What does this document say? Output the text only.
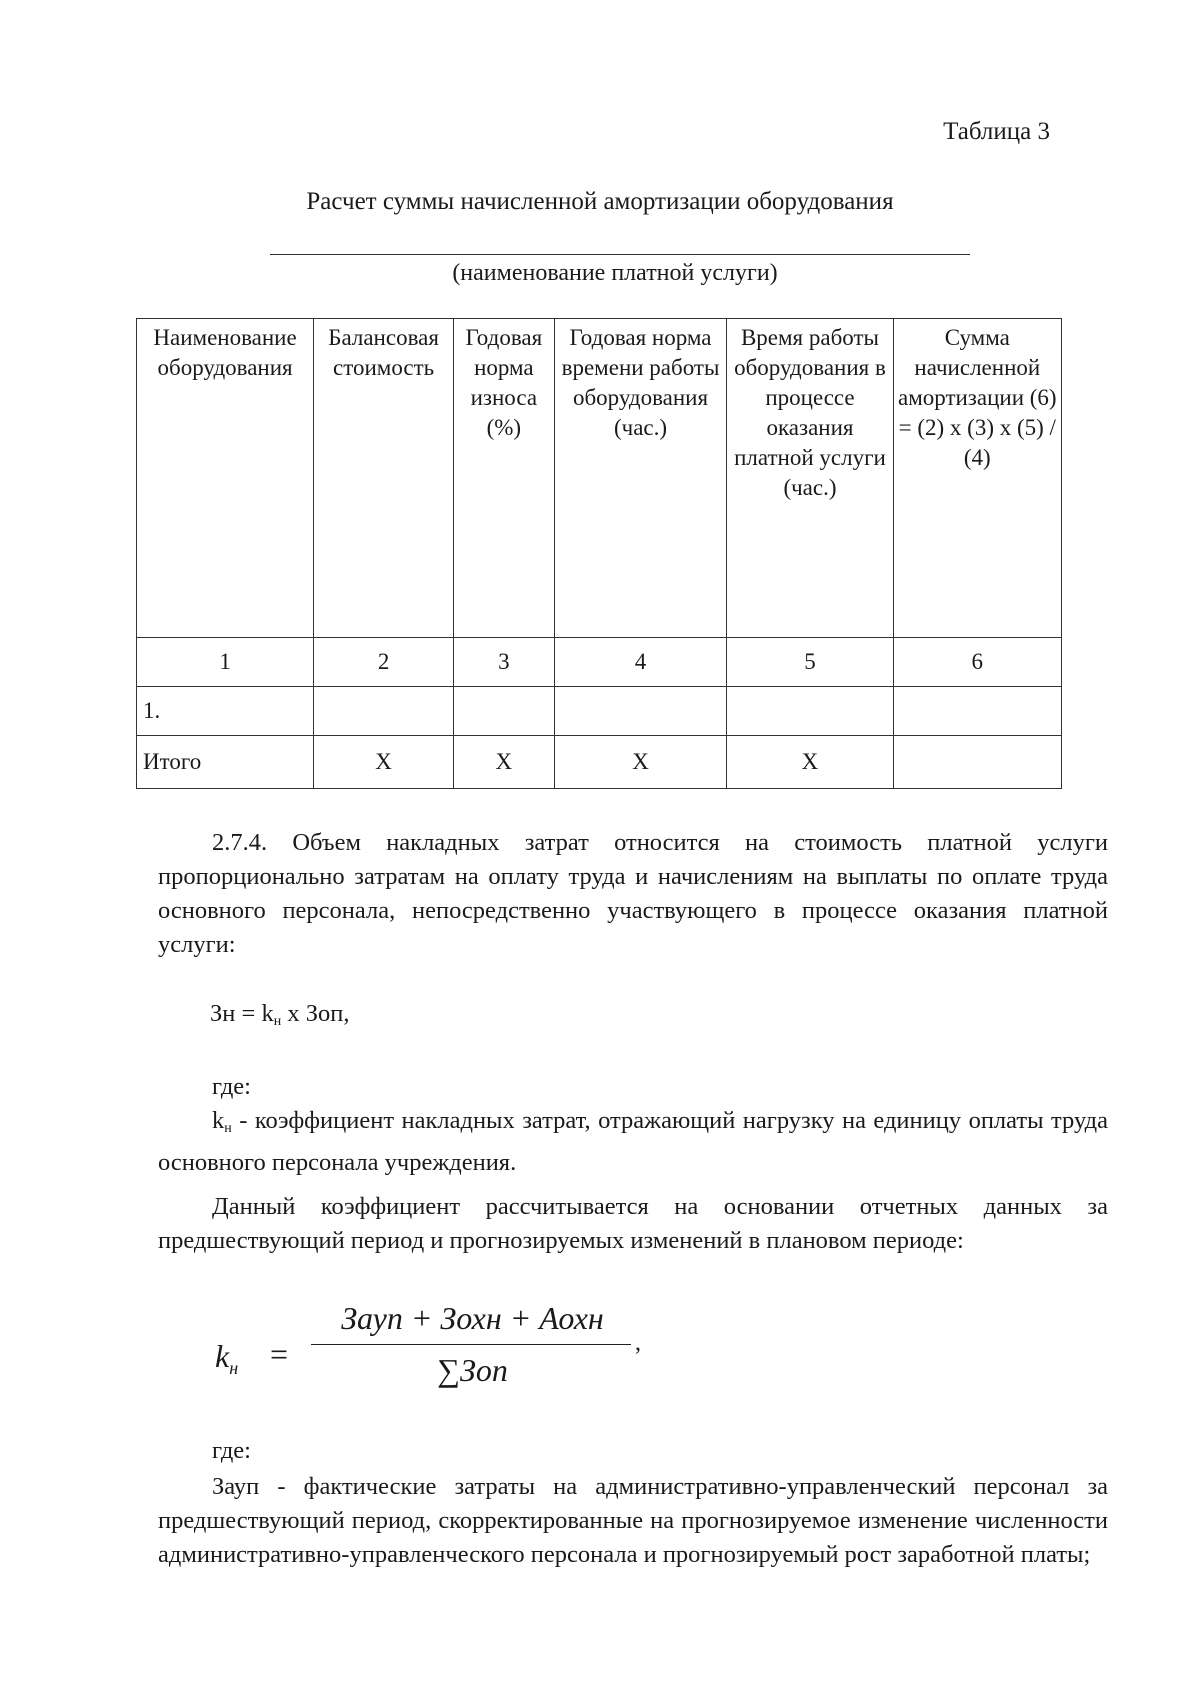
Таблица 3
Расчет суммы начисленной амортизации оборудования
(наименование платной услуги)
Наименование оборудования	Балансовая стоимость	Годовая норма износа (%)	Годовая норма времени работы оборудования (час.)	Время работы оборудования в процессе оказания платной услуги (час.)	Сумма начисленной амортизации (6) = (2) х (3) х (5) / (4)
1	2	3	4	5	6
1.					
Итого	Х	Х	Х	Х	
2.7.4. Объем накладных затрат относится на стоимость платной услуги пропорционально затратам на оплату труда и начислениям на выплаты по оплате труда основного персонала, непосредственно участвующего в процессе оказания платной услуги:
Зн = $k_н$ х Зоп,
где:
$k_н$ - коэффициент накладных затрат, отражающий нагрузку на единицу оплаты труда основного персонала учреждения.
Данный коэффициент рассчитывается на основании отчетных данных за предшествующий период и прогнозируемых изменений в плановом периоде:
$k_н$ =
Зауп + Зохн + Аохн
∑Зоп
,
где:
Зауп - фактические затраты на административно-управленческий персонал за предшествующий период, скорректированные на прогнозируемое изменение численности административно-управленческого персонала и прогнозируемый рост заработной платы;
